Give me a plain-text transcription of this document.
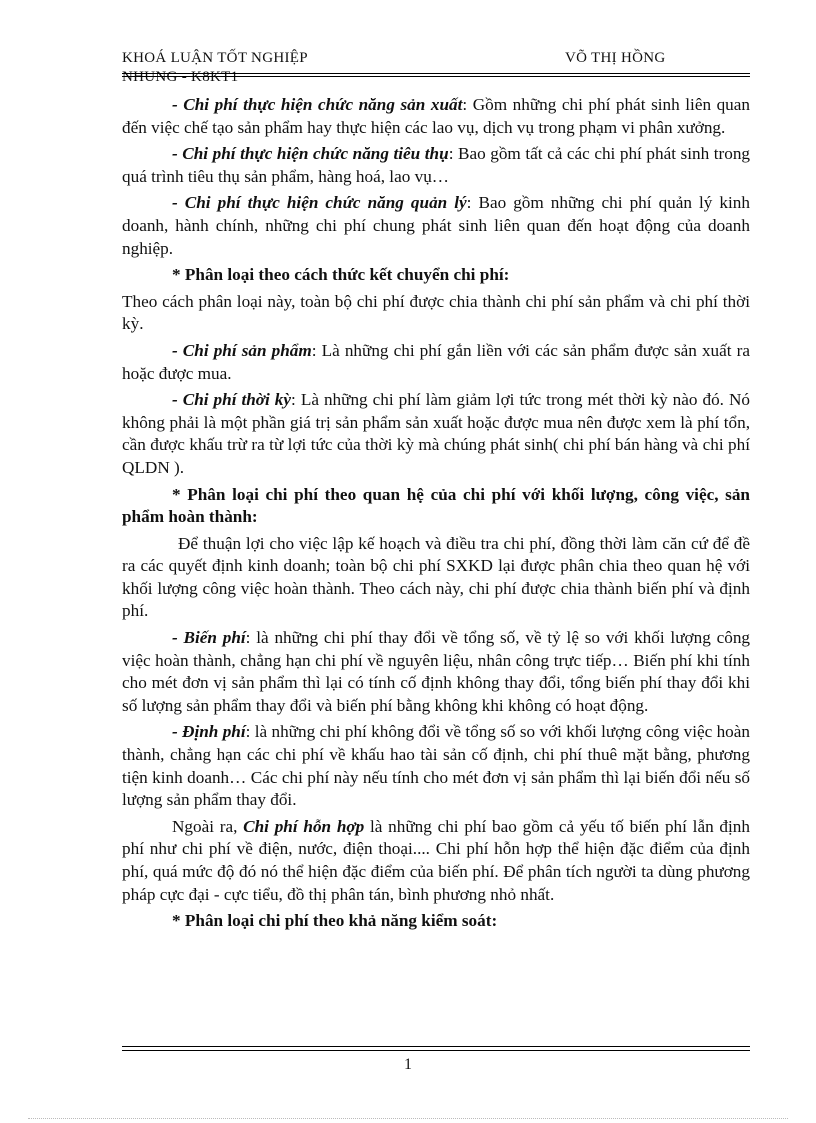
KHOÁ LUẬN TỐT NGHIỆP	VÕ THỊ HỒNG
NHUNG - K8KT1

- Chi phí thực hiện chức năng sản xuất: Gồm những chi phí phát sinh liên quan đến việc chế tạo sản phẩm hay thực hiện các lao vụ, dịch vụ trong phạm vi phân xưởng.

- Chi phí thực hiện chức năng tiêu thụ: Bao gồm tất cả các chi phí phát sinh trong quá trình tiêu thụ sản phẩm, hàng hoá, lao vụ…

- Chi phí thực hiện chức năng quản lý: Bao gồm những chi phí quản lý kinh doanh, hành chính, những chi phí chung phát sinh liên quan đến hoạt động của doanh nghiệp.

* Phân loại theo cách thức kết chuyển chi phí:

Theo cách phân loại này, toàn bộ chi phí được chia thành chi phí sản phẩm và chi phí thời kỳ.

- Chi phí sản phẩm: Là những chi phí gắn liền với các sản phẩm được sản xuất ra hoặc được mua.

- Chi phí thời kỳ: Là những chi phí làm giảm lợi tức trong mét thời kỳ nào đó. Nó không phải là một phần giá trị sản phẩm sản xuất hoặc được mua nên được xem là phí tổn, cần được khấu trừ ra từ lợi tức của thời kỳ mà chúng phát sinh( chi phí bán hàng và chi phí QLDN ).

* Phân loại chi phí theo quan hệ của chi phí với khối lượng, công việc, sản phẩm hoàn thành:

Để thuận lợi cho việc lập kế hoạch và điều tra chi phí, đồng thời làm căn cứ để đề ra các quyết định kinh doanh; toàn bộ chi phí SXKD lại được phân chia theo quan hệ với khối lượng công việc hoàn thành. Theo cách này, chi phí được chia thành biến phí và định phí.

- Biến phí: là những chi phí thay đổi về tổng số, về tỷ lệ so với khối lượng công việc hoàn thành, chẳng hạn chi phí về nguyên liệu, nhân công trực tiếp… Biến phí khi tính cho mét đơn vị sản phẩm thì lại có tính cố định không thay đổi, tổng biến phí thay đổi khi số lượng sản phẩm thay đổi và biến phí bằng không khi không có hoạt động.

- Định phí: là những chi phí không đổi về tổng số so với khối lượng công việc hoàn thành, chẳng hạn các chi phí về khấu hao tài sản cố định, chi phí thuê mặt bằng, phương tiện kinh doanh… Các chi phí này nếu tính cho mét đơn vị sản phẩm thì lại biến đổi nếu số lượng sản phẩm thay đổi.

Ngoài ra, Chi phí hỗn hợp là những chi phí bao gồm cả yếu tố biến phí lẫn định phí như chi phí về điện, nước, điện thoại.... Chi phí hỗn hợp thể hiện đặc điểm của định phí, quá mức độ đó nó thể hiện đặc điểm của biến phí. Để phân tích người ta dùng phương pháp cực đại - cực tiểu, đồ thị phân tán, bình phương nhỏ nhất.

* Phân loại chi phí theo khả năng kiểm soát:

1
